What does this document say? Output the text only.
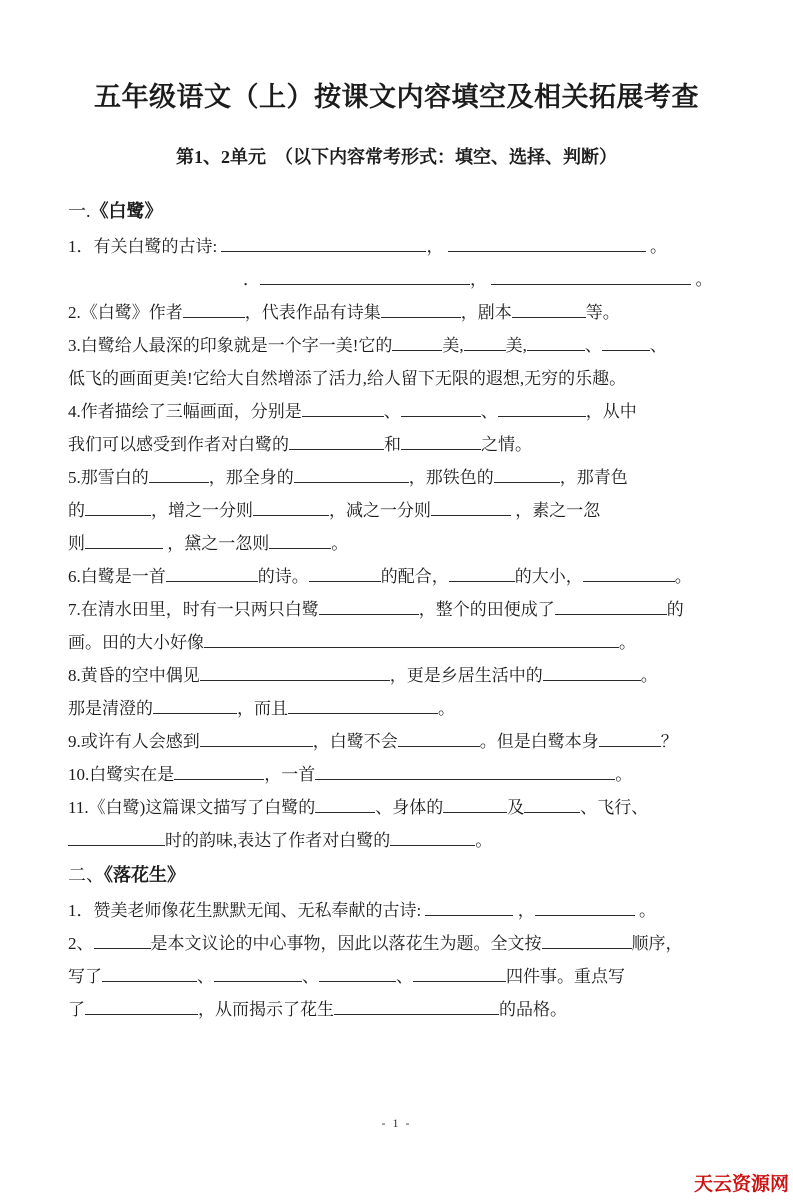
五年级语文（上）按课文内容填空及相关拓展考查
第1、2单元　（以下内容常考形式：填空、选择、判断）
一.《白鹭》
1．有关白鹭的古诗:	，	。
．	，	。
2.《白鹭》作者	，代表作品有诗集	，剧本	等。
3.白鹭给人最深的印象就是一个字一美!它的	美, 美,	、	、
低飞的画面更美!它给大自然增添了活力,给人留下无限的遐想,无穷的乐趣。
4.作者描绘了三幅画面，分别是	、	、	，从中
我们可以感受到作者对白鹭的	和	之情。
5.那雪白的	，那全身的	，那铁色的	，那青色
的	，增之一分则	，减之一分则	，素之一忽
则	，黛之一忽则	。
6.白鹭是一首	的诗。	的配合，	的大小，	。
7.在清水田里，时有一只两只白鹭	，整个的田便成了	的
画。田的大小好像	。
8.黄昏的空中偶见	，更是乡居生活中的	。
那是清澄的	，而且	。
9.或许有人会感到	，白鹭不会	。但是白鹭本身	？
10.白鹭实在是	，一首	。
11.《白鹭)这篇课文描写了白鹭的	、身体的	及	、飞行、
时的韵味,表达了作者对白鹭的	。
二、《落花生》
1．赞美老师像花生默默无闻、无私奉献的古诗:	，	。
2、	是本文议论的中心事物，因此以落花生为题。全文按	顺序，
写了	、	、	、	四件事。重点写
了	，从而揭示了花生	的品格。
- 1 -
天云资源网
